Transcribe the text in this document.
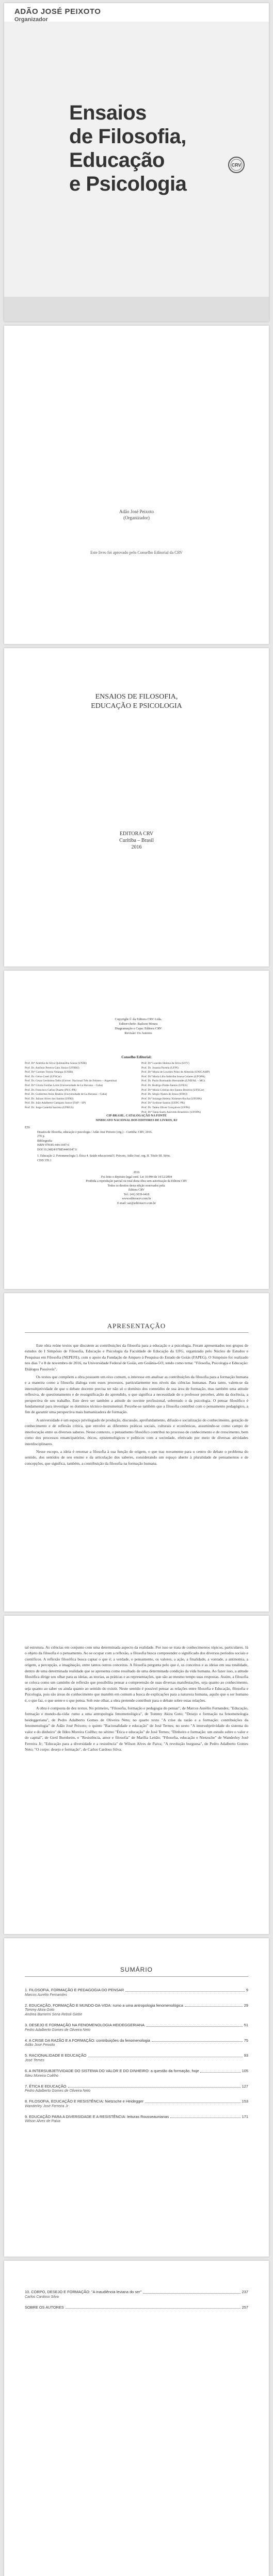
ADÃO JOSÉ PEIXOTO
Organizador
Ensaios
de Filosofia,
Educação
e Psicologia
CRV
Adão José Peixoto
(Organizador)
Este livro foi aprovado pelo Conselho Editorial da CRV
ENSAIOS DE FILOSOFIA,
EDUCAÇÃO E PSICOLOGIA
EDITORA CRV
Curitiba – Brasil
2016
Copyright © da Editora CRV Ltda.
Editor-chefe: Railson Moura
Diagramação e Capa: Editora CRV
Revisão: Os Autores
Conselho Editorial:
Prof. Drª Andréia da Silva Quintanilha Sousa (UNIR)
Prof. Dr. Antônio Pereira Gaio Júnior (UFRRJ)
Prof. Drª Carmen Tereza Velanga (UNIR)
Prof. Dr. Celso Conti (UFSCar)
Prof. Dr. Cesar Gerónimo Tello (Univer .Nacional Três de Febrero – Argentina)
Prof. Drª Gloria Fariñas León (Universidade de La Havana – Cuba)
Prof. Dr. Francisco Carlos Duarte (PUC-PR)
Prof. Dr. Guillermo Arias Beatón (Universidade de La Havana – Cuba)
Prof. Dr. Jailson Alves dos Santos (UFRJ)
Prof. Dr. João Adalberto Campato Junior (FAP – SP)
Prof. Dr. Jorge Castellá Sarriera (UFRGS)
Prof. Drª Lourdes Helena da Silva (UFV)
Prof. Dr. Josania Portela (UFPI)
Prof. Drª Maria de Lourdes Pinto de Almeida (UNICAMP)
Prof. Drª Maria Lília Imbiriba Sousa Colares (UFOPA)
Prof. Dr. Paulo Romualdo Hernandes (UNIFAL – MG)
Prof. Dr. Rodrigo Pratte-Santos (UFES)
Prof. Drª Maria Cristina dos Santos Bezerra (UFSCar)
Prof. Dr. Sérgio Nunes de Jesus (IFRO)
Prof. Drª Solange Helena Ximenes-Rocha (UFOPA)
Prof. Drª Sydione Santos (UEPG PR)
Prof. Dr. Tadeu Oliver Gonçalves (UFPA)
Prof. Drª Tania Suely Azevedo Brasileiro (UFOPA)
CIP-BRASIL. CATALOGAÇÃO NA FONTE
SINDICATO NACIONAL DOS EDITORES DE LIVROS, RJ
E59
Ensaios de filosofia, educação e psicologia / Adão José Peixoto (org.) – Curitiba: CRV, 2016.
270 p.
Bibliografia
ISBN 978-85-444-1047-6
DOI 10.24824/978854441047.6
1. Educação 2. Fenomenologia 3. Ética 4. Saúde educacional I. Peixoto, Adão José. org. II. Título III. Série.
CDD 370.1
2016
Foi feito o depósito legal conf. Lei 10.994 de 14/12/2004
Proibida a reprodução parcial ou total desta obra sem autorização da Editora CRV
Todos os direitos desta edição reservados pela:
Editora CRV
Tel.: (41) 3039-6418
www.editoracrv.com.br
E-mail: sac@editoracrv.com.br
APRESENTAÇÃO

Este obra reúne textos que discutem as contribuições da filosofia para a educação e a psicologia. Foram apresentados nos grupos de estudos do I Simpósio de Filosofia, Educação e Psicologia da Faculdade de Educação da UFG, organizado pelo Núcleo de Estudos e Pesquisas em Filosofia (NEPEFE), com o apoio da Fundação de Amparo à Pesquisa do Estado de Goiás (FAPEG). O Simpósio foi realizado nos dias 7 e 8 de novembro de 2016, na Universidade Federal de Goiás, em Goiânia-GO, tendo como tema: "Filosofia, Psicologia e Educação: Diálogos Possíveis".

Os textos que compõem a obra possuem um eixo comum, o interesse em analisar as contribuições da filosofia para a formação humana e a maneira como a filosofia dialoga com esses processos, particularmente nos níveis das ciências humanas. Para tanto, valem-se da intersubjetividade de que o debate docente precisa ter não só o domínio dos conteúdos de sua área de formação, mas também uma atitude reflexiva, de questionamento e de ressignificação do aprendido, o que significa a necessidade de o professor perceber, além da docência, a perspectiva de seu trabalho. Este deve ser também a atitude do ouvinte profissional, sobretudo o da psicologia. O pensar filosófico é fundamental para investigar os domínios técnico-instrumental. Percebe-se também que a filosofia contribui com o pensamento pedagógico, a fim de garantir uma perspectiva mais humanizadora de formação.

A universidade é um espaço privilegiado de produção, discussão, aprofundamento, difusão e socialização do conhecimento, geração de conhecimento e de reflexão crítica, que envolve as diferentes práticas sociais, culturais e econômicas, assumindo-se como campo de interlocução entre os diversos saberes. Nesse contexto, o pensamento filosófico contribui no processo de conhecimento e de crescimento, bem como dos processos emancipatórios, éticos, epistemológicos e políticos com a sociedade, efetivado por meio de diversas atividades interdisciplinares.

Nesse escopo, a ideia é retornar a filosofia à sua função de origem, o que traz novamente para o centro do debate o problema do sentido, dos sentidos de seu ensino e da articulação dos saberes, considerando um espaço aberto à pluralidade de pensamentos e de concepções, que significa, também, a contribuição da filosofia na formação humana.

tal estrutura. As ciências em conjunto com uma determinada aspecto da realidade. Por isso se trata de conhecimentos tópicos, particulares. Já o objeto da filosofia é o pensamento. Ao se ocupar com a reflexão, a filosofia busca compreender o significado dos diversos períodos sociais e científicos. A reflexão filosófica busca captar o que é; a verdade, o pensamento, os valores, a ação, a finalidade, a vontade, a antinomia, a origem, a percepção, a imaginação, entre tantos outros conceitos. A filosofia pergunta pelo que é, os conceitos e as ideias em sua totalidade, dentro de uma determinada realidade que se apresenta como resultado de uma determinada condição da vida humana. Ao fazer isso, a atitude filosófica dirige seu olhar para as ideias, as teorias, as práticas e as representações, que são ao mesmo tempo suas respostas. Assim, a filosofia se coloca como um caminho de reflexão que possibilita pensar a compreensão de suas diversas manifestações, seja quanto ao conhecimento, seja quanto ao saber ou ainda quanto ao sentido do existir. Neste sentido é possível pensar as relações entre filosofia e Educação, filosofia e Psicologia, pois são áreas do conhecimento que mantêm em comum a busca de explicações para a natureza humana, aquilo que o ser humano é, o que faz, o que sente e o que pensa. Sob este olhar, a obra pretende contribuir para o debate sobre estas relações.

A obra é composta de dez textos. No primeiro, "Filosofia, formação e pedagogia do pensar", de Marcos Aurélio Fernandes; "Educação, formação e mundo-da-vida: rumo a uma antropologia fenomenológica", de Tommy Akira Goto; "Desejo e formação na fenomenologia heideggeriana", de Pedro Adalberto Gomes de Oliveira Neto; no quarto texto "A crise da razão e a formação: contribuições da fenomenologia" de Adão José Peixoto; o quinto "Racionalidade e educação" de José Ternes; no sexto "A intersubjetividade do sistema do valor e do dinheiro" de Ildeu Moreira Coêlho; no sétimo "Ética e educação" de José Ternes; "Dinheiro e formação: um estudo sobre o valor e do capital", de Gerd Bornheim, e "Resistência, amor e filosofia" de Marília Leitão; "Filosofia, educação e Nietzsche" de Wanderley José Ferreira Jr; "Educação para a diversidade e a resistência" de Wilson Alves de Paiva; "A revolução burguesa", de Pedro Adalberto Gomes Neto; "O corpo: desejo e formação", de Carlos Cardoso Silva.

SUMÁRIO
1. FILOSOFIA, FORMAÇÃO E PEDAGOGIA DO PENSAR	9
Marcos Aurélio Fernandes
2. EDUCAÇÃO, FORMAÇÃO E MUNDO-DA-VIDA: rumo a uma antropologia fenomenológica	29
Tommy Akira Goto
Andrea Bamerni Sena Reboli Giebe
3. DESEJO E FORMAÇÃO NA FENOMENOLOGIA HEIDEGGERIANA	51
Pedro Adalberto Gomes de Oliveira Neto
4. A CRISE DA RAZÃO E A FORMAÇÃO: contribuições da fenomenologia	75
Adão José Peixoto
5. RACIONALIDADE E EDUCAÇÃO	93
José Ternes
6. A INTERSUBJETIVIDADE DO SISTEMA DO VALOR E DO DINHEIRO: a questão da formação, hoje	105
Ildeu Moreira Coêlho
7. ÉTICA E EDUCAÇÃO	127
Pedro Adalberto Gomes de Oliveira Neto
8. FILOSOFIA, EDUCAÇÃO E RESISTÊNCIA: Nietzsche e Heidegger	153
Wanderley José Ferreira Jr
9. EDUCAÇÃO PARA A DIVERSIDADE E A RESISTÊNCIA: leituras Rousseaunianas	171
Wilson Alves de Paiva
10. CORPO, DESEJO E FORMAÇÃO: "A inaudiência leviana do ser"	237
Carlos Cardoso Silva
SOBRE OS AUTORES	257
